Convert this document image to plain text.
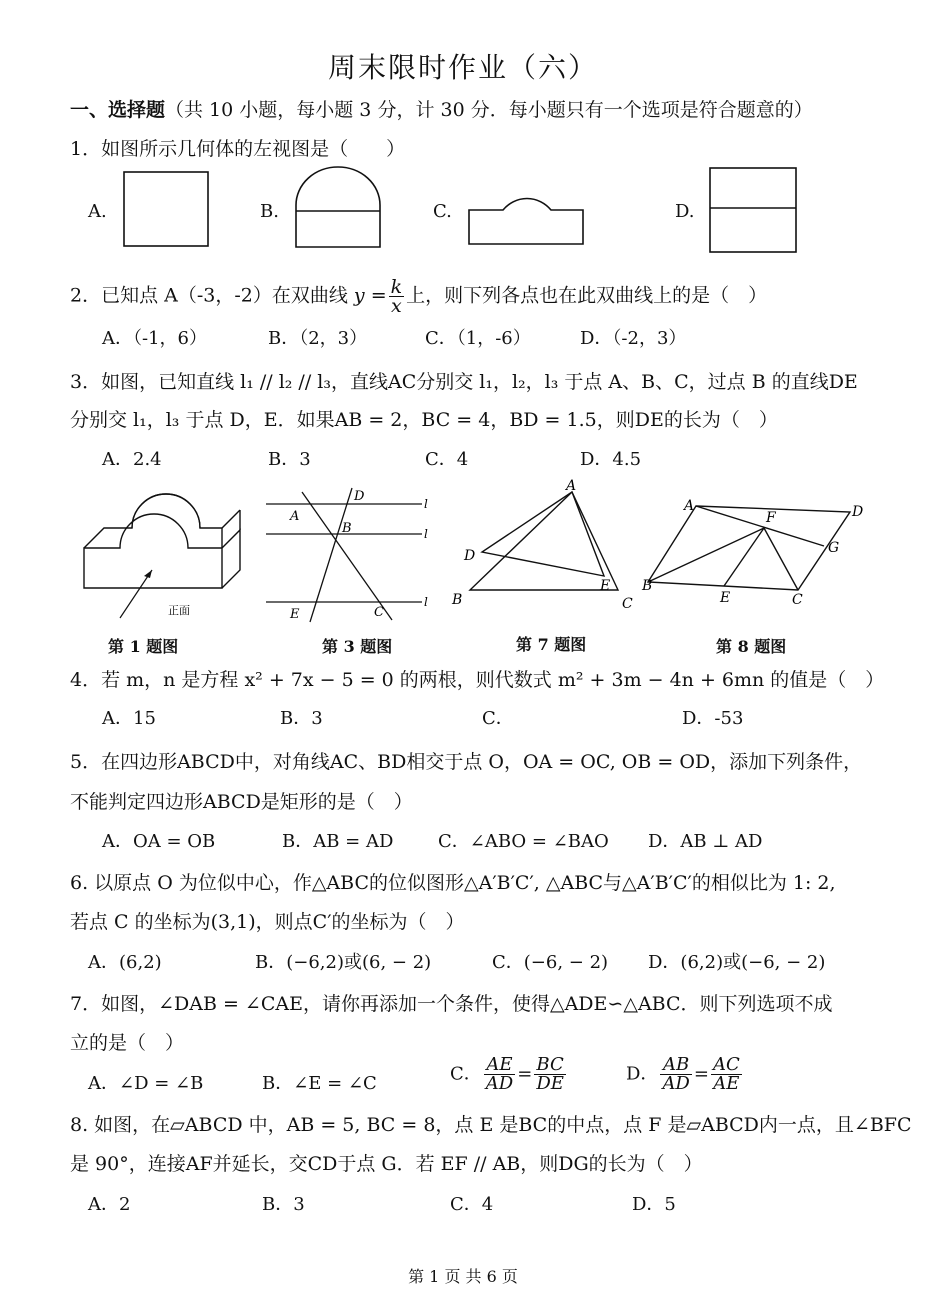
周末限时作业（六）
一、选择题（共 10 小题，每小题 3 分，计 30 分．每小题只有一个选项是符合题意的）
1．如图所示几何体的左视图是（　　）
A.	B.	C.	D.
2．已知点 A（-3，-2）在双曲线 $y = \frac{k}{x}$ 上，则下列各点也在此双曲线上的是（　）
A．（-1，6）	B．（2，3）	C．（1，-6）	D．（-2，3）
3．如图，已知直线 l₁ // l₂ // l₃，直线AC分别交 l₁，l₂，l₃ 于点 A、B、C，过点 B 的直线DE
分别交 l₁，l₃ 于点 D，E．如果AB = 2，BC = 4，BD = 1.5，则DE的长为（　）
A．2.4	B．3	C．4	D．4.5
正面
第 1 题图
A
B
C
D
E
l
l
l
第 3 题图
A
B	C
D
E
第 7 题图
A
B
C
D
E
F
G
第 8 题图
4．若 m，n 是方程 x² + 7x − 5 = 0 的两根，则代数式 m² + 3m − 4n + 6mn 的值是（　）
A．15	B．3	C．	D．-53
5．在四边形ABCD中，对角线AC、BD相交于点 O，OA = OC, OB = OD，添加下列条件，
不能判定四边形ABCD是矩形的是（　）
A．OA = OB	B．AB = AD C．∠ABO = ∠BAO D．AB ⊥ AD
6. 以原点 O 为位似中心，作△ABC的位似图形△A′B′C′, △ABC与△A′B′C′的相似比为 1: 2,
若点 C 的坐标为(3,1)，则点C′的坐标为（　）
A．(6,2)	B．(−6,2)或(6, − 2)	C．(−6, − 2) D．(6,2)或(−6, − 2)
7．如图，∠DAB = ∠CAE，请你再添加一个条件，使得△ADE∽△ABC．则下列选项不成
立的是（　）
A．∠D = ∠B	B．∠E = ∠C	C． $\frac{AE}{AD} = \frac{BC}{DE}$	D． $\frac{AB}{AD} = \frac{AC}{AE}$
8. 如图，在▱ABCD 中，AB = 5, BC = 8，点 E 是BC的中点，点 F 是▱ABCD内一点，且∠BFC
是 90°，连接AF并延长，交CD于点 G．若 EF // AB，则DG的长为（　）
A．2	B．3	C．4	D．5
第 1 页 共 6 页
